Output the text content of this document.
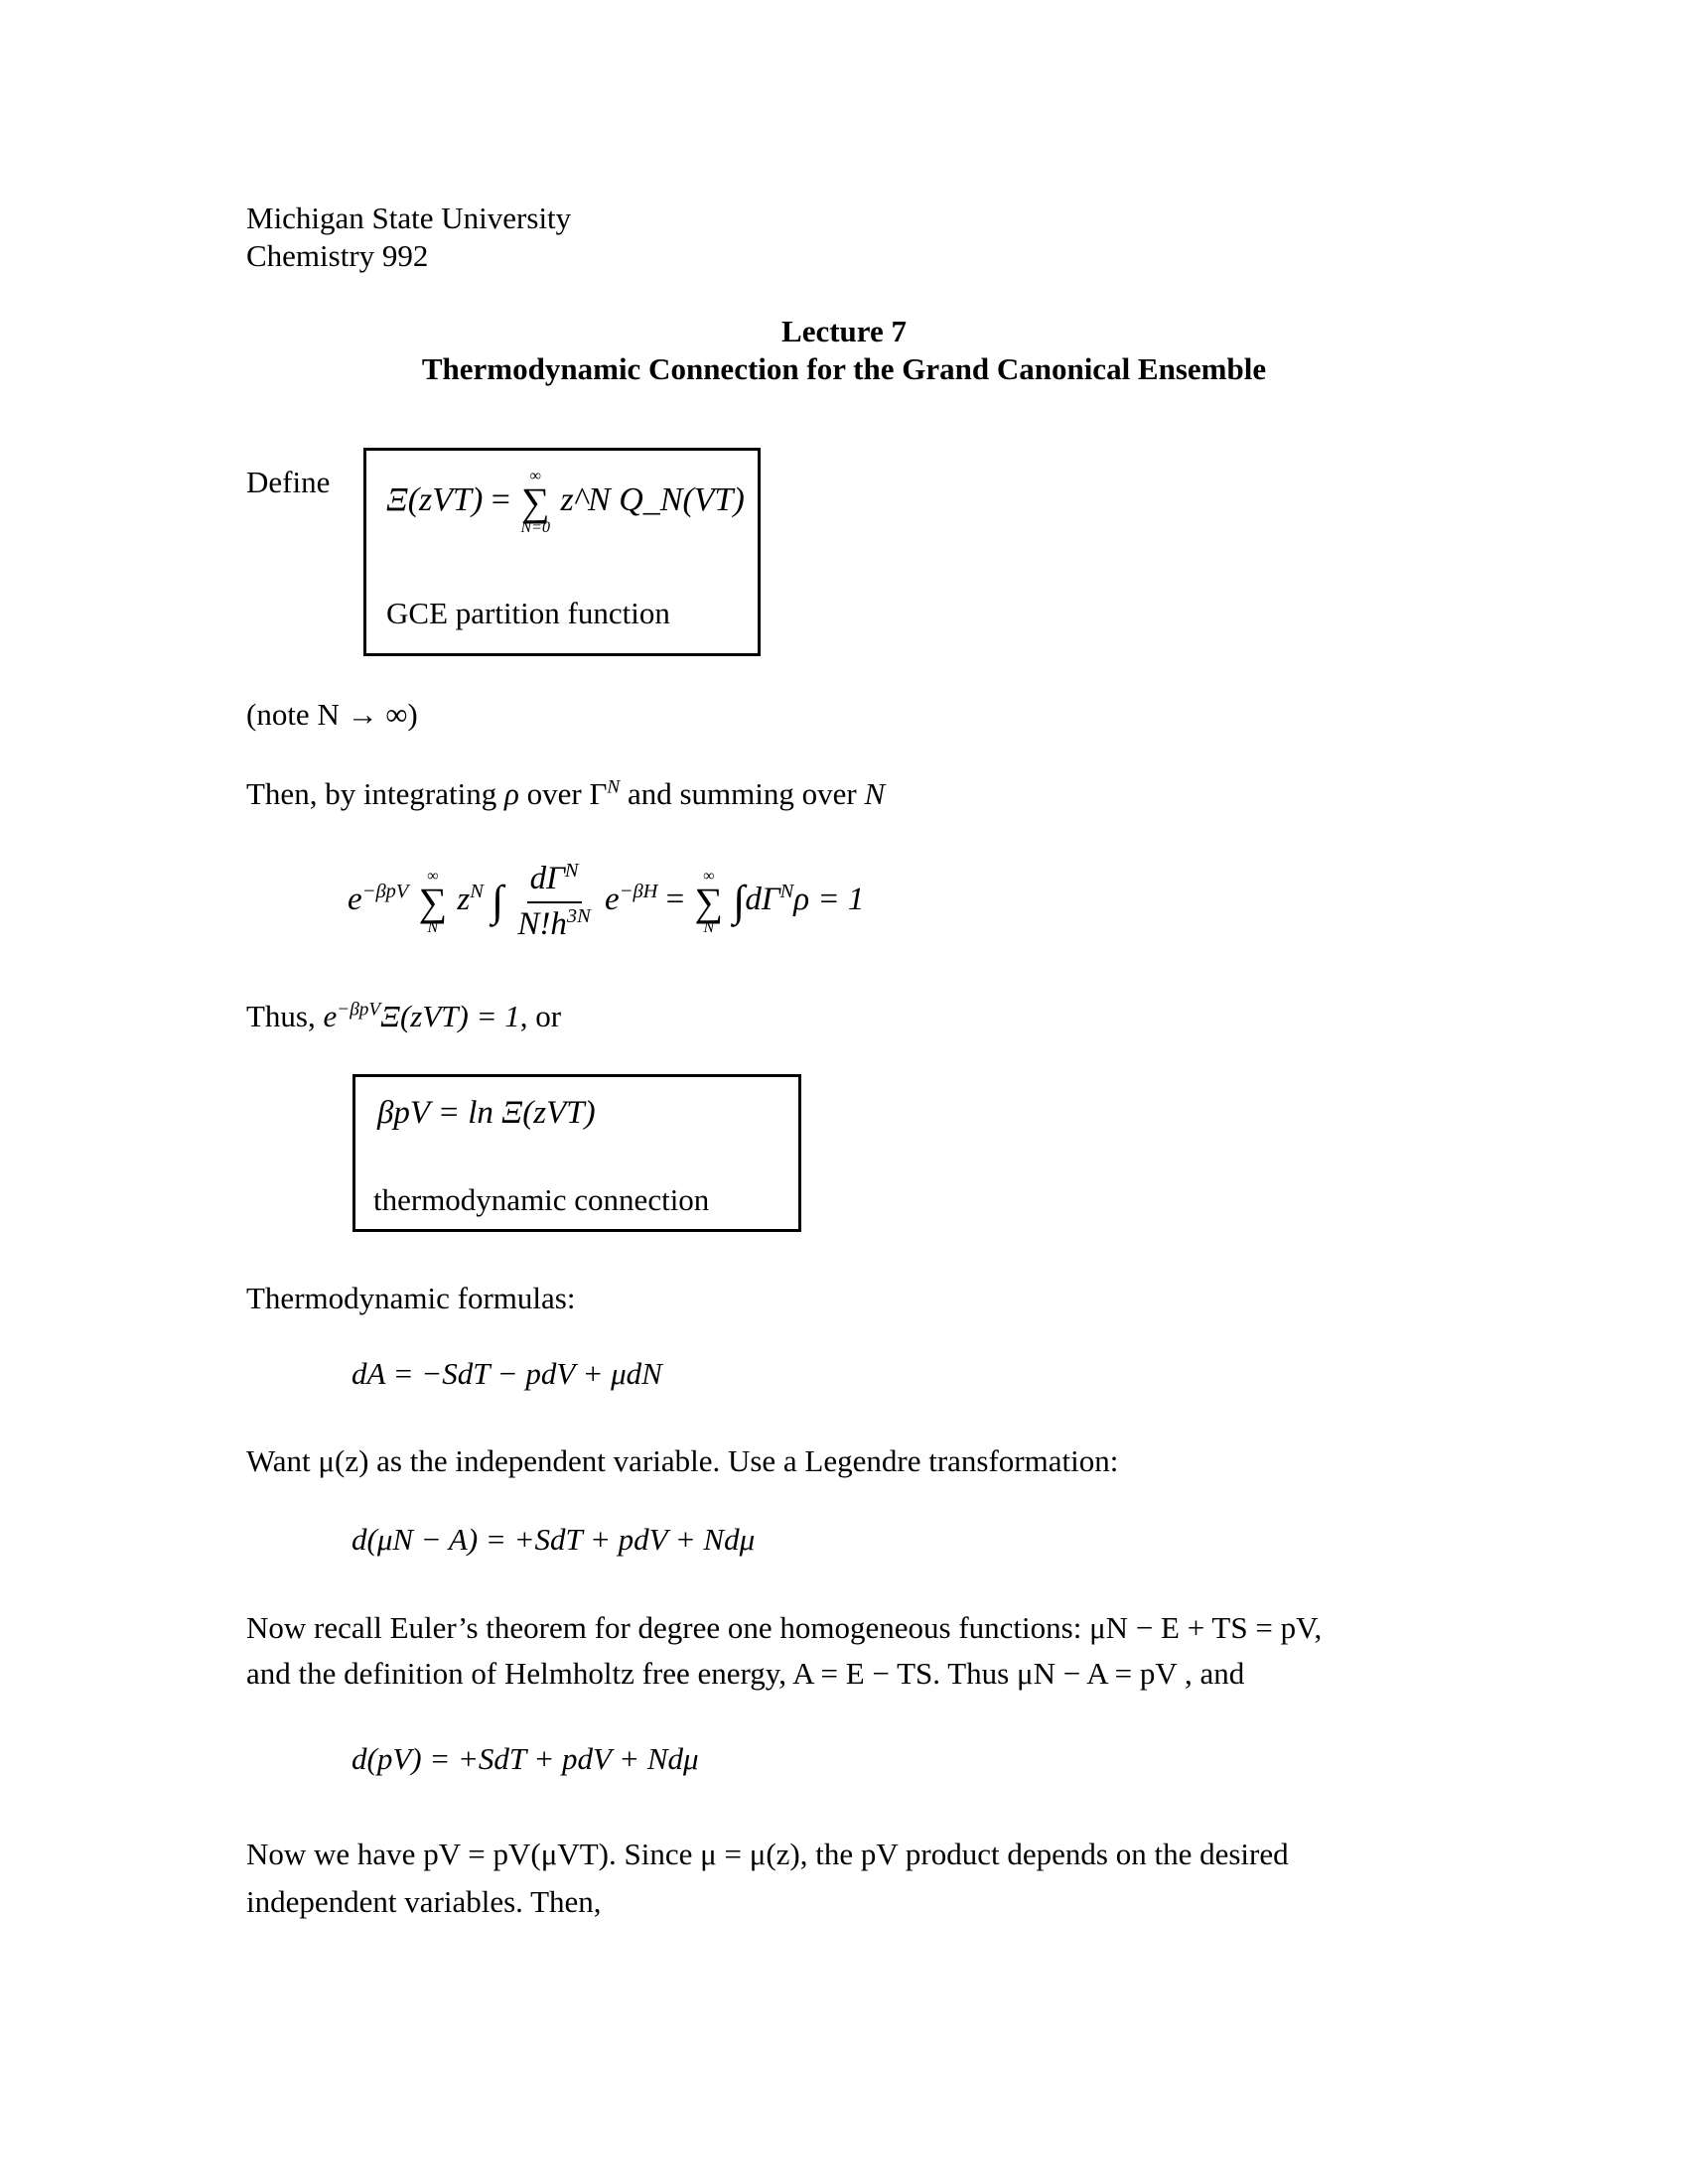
Michigan State University
Chemistry 992
Lecture 7
Thermodynamic Connection for the Grand Canonical Ensemble
Define Ξ(zVT) =
∞
∑
N=0
z^N Q_N(VT)
GCE partition function
(note N → ∞)
Then, by integrating ρ over $\Gamma^N$ and summing over N
$e^{-\beta pV}$
∞
∑
N
$z^N$ ∫ $\frac{d\Gamma^N}{N!h^{3N}} e^{-\beta H}$ =
∞
∑
N
$\int d\Gamma^N\rho = 1$
Thus, $e^{-\beta pV}\Xi(zVT) = 1$, or
βpV = ln Ξ(zVT)
thermodynamic connection
Thermodynamic formulas:
dA = −SdT − pdV + μdN
Want μ(z) as the independent variable. Use a Legendre transformation:
d(μN − A) = +SdT + pdV + Ndμ
Now recall Euler’s theorem for degree one homogeneous functions: μN − E + TS = pV,
and the definition of Helmholtz free energy, A = E − TS. Thus μN − A = pV , and
d(pV) = +SdT + pdV + Ndμ
Now we have pV = pV(μVT). Since μ = μ(z), the pV product depends on the desired
independent variables. Then,
